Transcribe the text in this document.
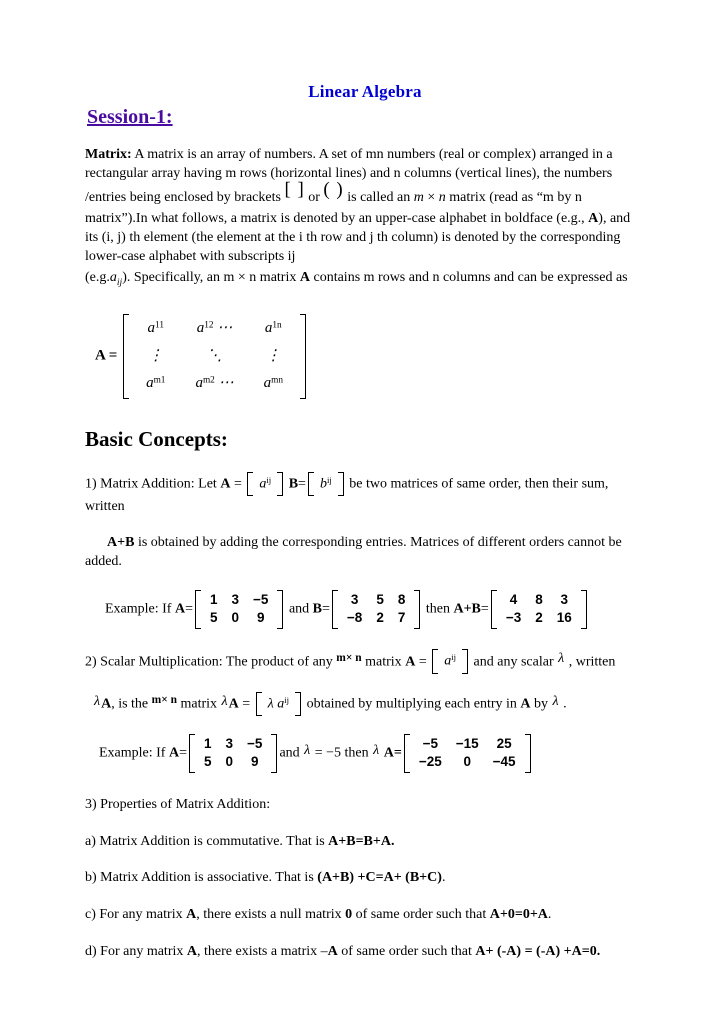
Linear Algebra
Session-1:
Matrix: A matrix is an array of numbers. A set of mn numbers (real or complex) arranged in a rectangular array having m rows (horizontal lines) and n columns (vertical lines), the numbers /entries being enclosed by brackets [ ] or ( ) is called an m × n matrix (read as “m by n matrix”).In what follows, a matrix is denoted by an upper-case alphabet in boldface (e.g., A), and its (i, j) th element (the element at the i th row and j th column) is denoted by the corresponding lower-case alphabet with subscripts ij
$(e.g.a_{ij})$. Specifically, an m × n matrix A contains m rows and n columns and can be expressed as
A =
$a^{11}$	$a^{12}$ ⋯	$a^{1n}$
⋮	⋱	⋮
$a^{m1}$	$a^{m2}$ ⋯	$a^{mn}$
Basic Concepts:
1) Matrix Addition: Let $A = a^{ij}$ $B= b^{ij}$ be two matrices of same order, then their sum, written
A+B is obtained by adding the corresponding entries. Matrices of different orders cannot be added.
Example: If A=
1	3	−5
5	0	9
and B=
3	5	8
−8	2	7
then A+B=
4	8	3
−3	2	16
2) Scalar Multiplication: The product of any $^{m\times n}$ matrix $A = a^{ij}$ and any scalar λ , written
λA, is the $^{m\times n}$ matrix λA = λ $a^{ij}$ obtained by multiplying each entry in A by λ .
Example: If A=
1	3	−5
5	0	9
and λ = −5 then λ A=
−5	−15	25
−25	0	−45
3) Properties of Matrix Addition:
a) Matrix Addition is commutative. That is A+B=B+A.
b) Matrix Addition is associative. That is (A+B) +C=A+ (B+C).
c) For any matrix A, there exists a null matrix 0 of same order such that A+0=0+A.
d) For any matrix A, there exists a matrix –A of same order such that A+ (-A) = (-A) +A=0.
